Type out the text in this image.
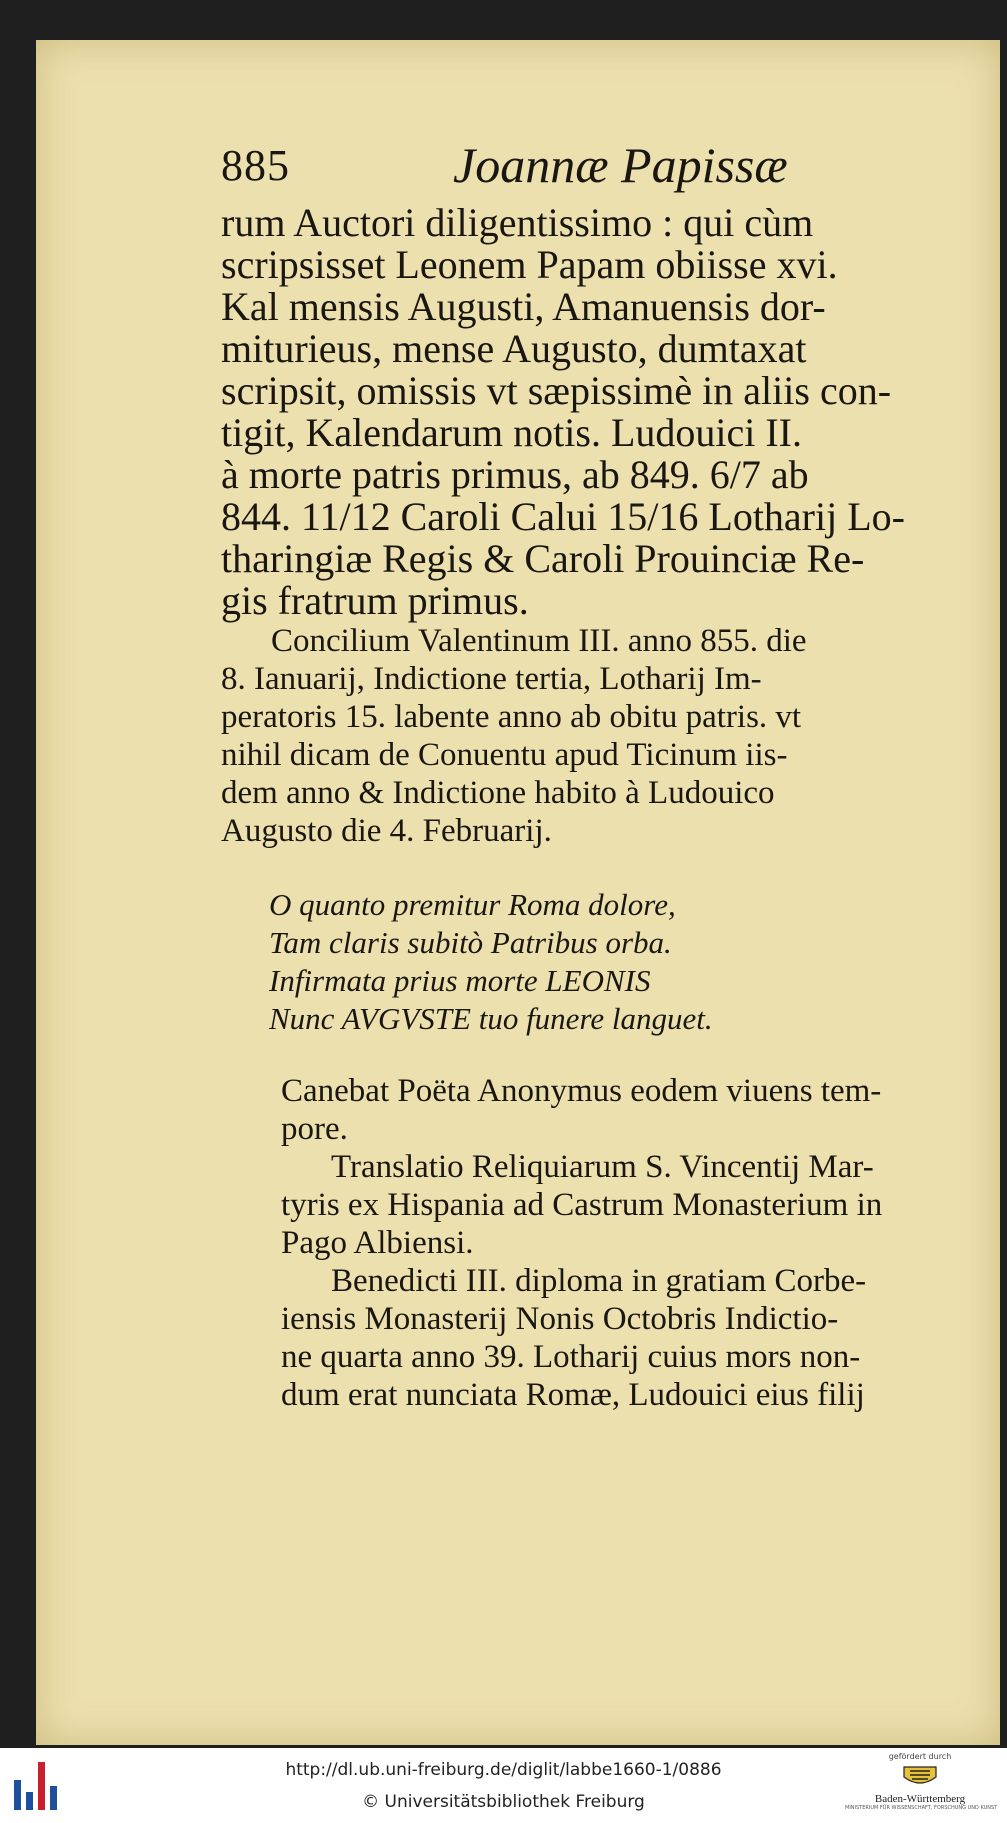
885	Joannæ Papissæ

rum Auctori diligentissimo : qui cùm

scripsisset Leonem Papam obiisse xvi.

Kal mensis Augusti, Amanuensis dor-

miturieus, mense Augusto, dumtaxat

scripsit, omissis vt sæpissimè in aliis con-

tigit, Kalendarum notis. Ludouici II.

à morte patris primus, ab 849. 6/7 ab

844. 11/12 Caroli Calui 15/16 Lotharij Lo-

tharingiæ Regis & Caroli Prouinciæ Re-

gis fratrum primus.

Concilium Valentinum III. anno 855. die

8. Ianuarij, Indictione tertia, Lotharij Im-

peratoris 15. labente anno ab obitu patris. vt

nihil dicam de Conuentu apud Ticinum iis-

dem anno & Indictione habito à Ludouico

Augusto die 4. Februarij.

O quanto premitur Roma dolore,

Tam claris subitò Patribus orba.

Infirmata prius morte LEONIS

Nunc AVGVSTE tuo funere languet.

Canebat Poëta Anonymus eodem viuens tem-

pore.

Translatio Reliquiarum S. Vincentij Mar-

tyris ex Hispania ad Castrum Monasterium in

Pago Albiensi.

Benedicti III. diploma in gratiam Corbe-

iensis Monasterij Nonis Octobris Indictio-

ne quarta anno 39. Lotharij cuius mors non-

dum erat nunciata Romæ, Ludouici eius filij

http://dl.ub.uni-freiburg.de/diglit/labbe1660-1/0886
© Universitätsbibliothek Freiburg
gefördert durch
Baden-Württemberg
MINISTERIUM FÜR WISSENSCHAFT, FORSCHUNG UND KUNST
